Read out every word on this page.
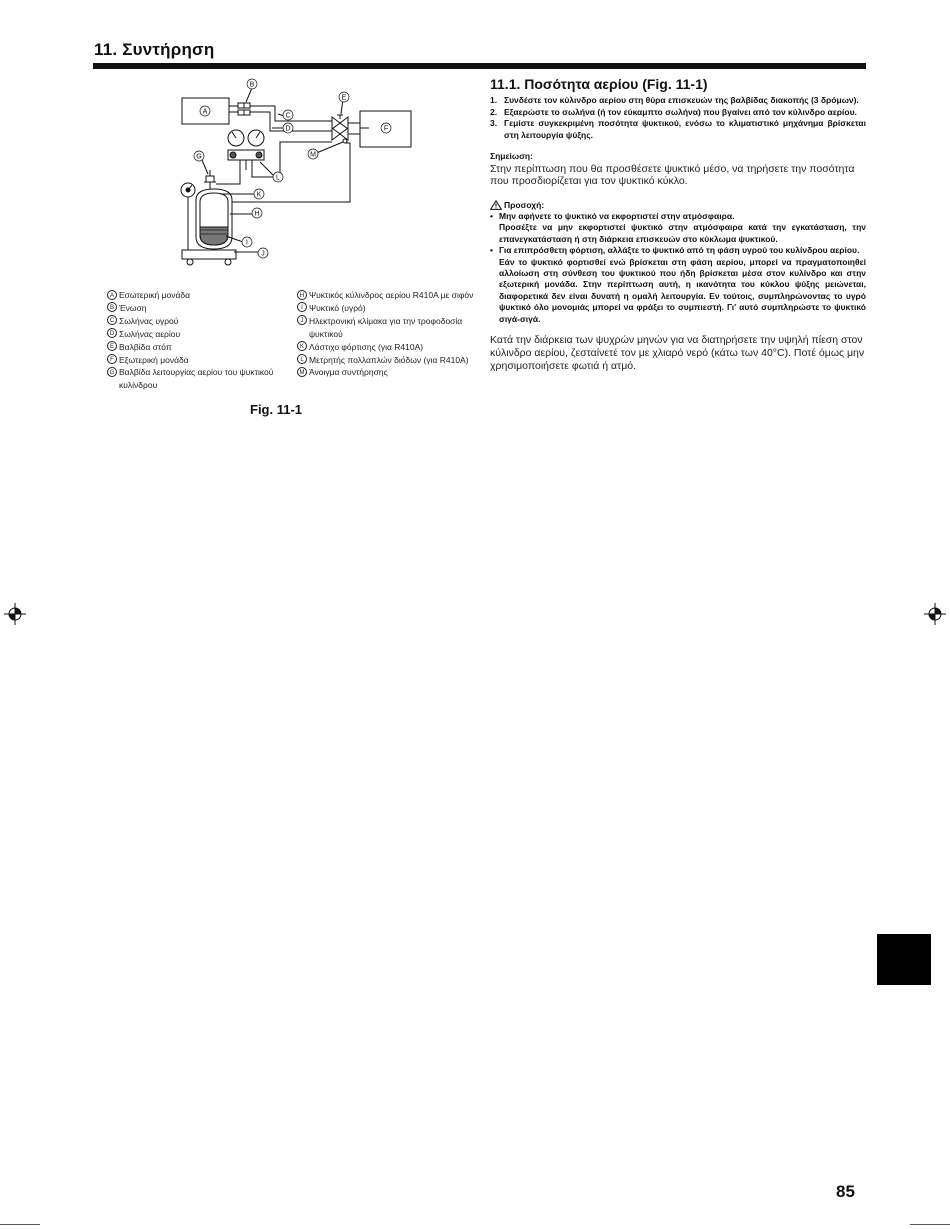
11. Συντήρηση
A
B
C
D
E
F
G
H
I
J
K
L
M
A Εσωτερική μονάδα
B Ένωση
C Σωλήνας υγρού
D Σωλήνας αερίου
E Βαλβίδα στόπ
F Εξωτερική μονάδα
G Βαλβίδα λειτουργίας αερίου του ψυκτικού κυλίνδρου
H Ψυκτικός κύλινδρος αερίου R410A με σιφόν
I Ψυκτικό (υγρό)
J Ηλεκτρονική κλίμακα για την τροφοδοσία ψυκτικού
K Λάστιχο φόρτισης (για R410A)
L Μετρητής πολλαπλών διόδων (για R410A)
M Άνοιγμα συντήρησης
Fig. 11-1
11.1. Ποσότητα αερίου (Fig. 11-1)
1. Συνδέστε τον κύλινδρο αερίου στη θύρα επισκευών της βαλβίδας διακοπής (3 δρόμων).
2. Εξαερώστε το σωλήνα (ή τον εύκαμπτο σωλήνα) που βγαίνει από τον κύλινδρο αερίου.
3. Γεμίστε συγκεκριμένη ποσότητα ψυκτικού, ενόσω το κλιματιστικό μηχάνημα βρίσκεται στη λειτουργία ψύξης.
Σημείωση:
Στην περίπτωση που θα προσθέσετε ψυκτικό μέσο, να τηρήσετε την ποσότητα που προσδιορίζεται για τον ψυκτικό κύκλο.
Προσοχή:
• Μην αφήνετε το ψυκτικό να εκφορτιστεί στην ατμόσφαιρα.
Προσέξτε να μην εκφορτιστεί ψυκτικό στην ατμόσφαιρα κατά την εγκατάσταση, την επανεγκατάσταση ή στη διάρκεια επισκευών στο κύκλωμα ψυκτικού.
• Για επιπρόσθετη φόρτιση, αλλάξτε το ψυκτικό από τη φάση υγρού του κυλίνδρου αερίου.
Εάν το ψυκτικό φορτισθεί ενώ βρίσκεται στη φάση αερίου, μπορεί να πραγματοποιηθεί αλλοίωση στη σύνθεση του ψυκτικού που ήδη βρίσκεται μέσα στον κυλίνδρο και στην εξωτερική μονάδα. Στην περίπτωση αυτή, η ικανότητα του κύκλου ψύξης μειώνεται, διαφορετικά δεν είναι δυνατή η ομαλή λειτουργία. Εν τούτοις, συμπληρώνοντας το υγρό ψυκτικό όλο μονομιάς μπορεί να φράξει το συμπιεστή. Γι' αυτό συμπληρώστε το ψυκτικό σιγά-σιγά.
Κατά την διάρκεια των ψυχρών μηνών για να διατηρήσετε την υψηλή πίεση στον κύλινδρο αερίου, ζεσταίνετέ τον με χλιαρό νερό (κάτω των 40°C). Ποτέ όμως μην χρησιμοποιήσετε φωτιά ή ατμό.
85
